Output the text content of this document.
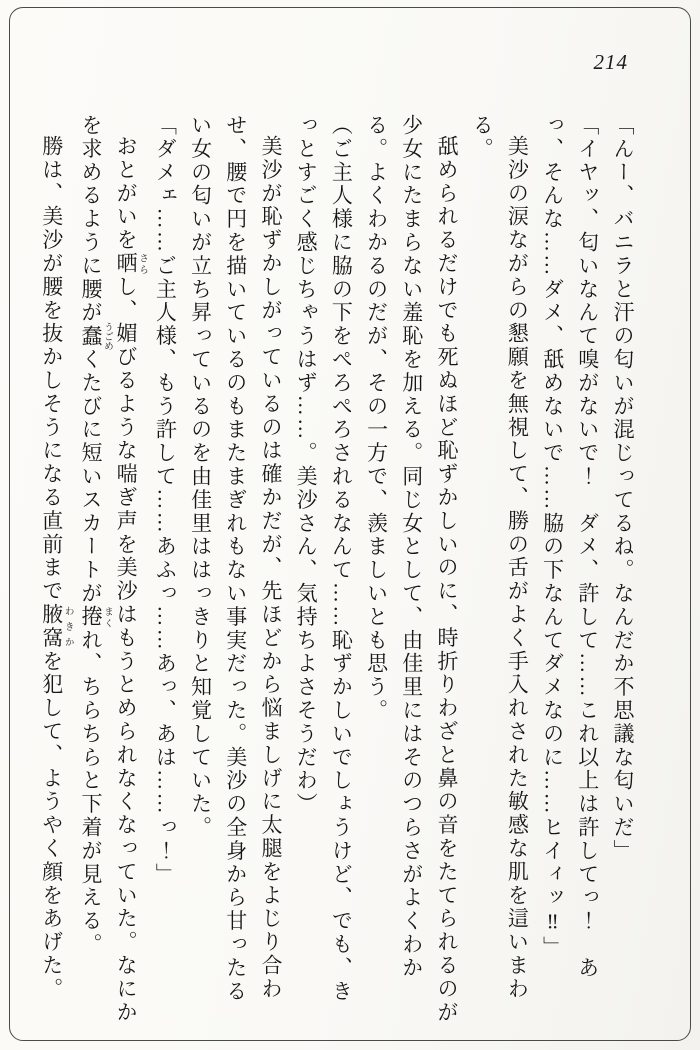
214

「んー、バニラと汗の匂いが混じってるね。なんだか不思議な匂いだ」

「イヤッ、匂いなんて嗅がないで！　ダメ、許して……これ以上は許してっ！　あっ、そんな……ダメ、舐めないで……脇の下なんてダメなのに……ヒイィッ‼」

美沙の涙ながらの懇願を無視して、勝の舌がよく手入れされた敏感な肌を這いまわる。

舐められるだけでも死ぬほど恥ずかしいのに、時折りわざと鼻の音をたてられるのが少女にたまらない羞恥を加える。同じ女として、由佳里にはそのつらさがよくわかる。よくわかるのだが、その一方で、羨ましいとも思う。

（ご主人様に脇の下をぺろぺろされるなんて……恥ずかしいでしょうけど、でも、きっとすごく感じちゃうはず……。美沙さん、気持ちよさそうだわ）

美沙が恥ずかしがっているのは確かだが、先ほどから悩ましげに太腿をよじり合わせ、腰で円を描いているのもまたまぎれもない事実だった。美沙の全身から甘ったるい女の匂いが立ち昇っているのを由佳里ははっきりと知覚していた。

「ダメェ……ご主人様、もう許して……あふっ……あっ、あは……っ！」

おとがいを晒 さらし、媚びるような喘ぎ声を美沙はもうとめられなくなっていた。なにかを求めるように腰が蠢 うごめくたびに短いスカートが捲 まくれ、ちらちらと下着が見える。

勝は、美沙が腰を抜かしそうになる直前まで腋窩 わきかを犯して、ようやく顔をあげた。
